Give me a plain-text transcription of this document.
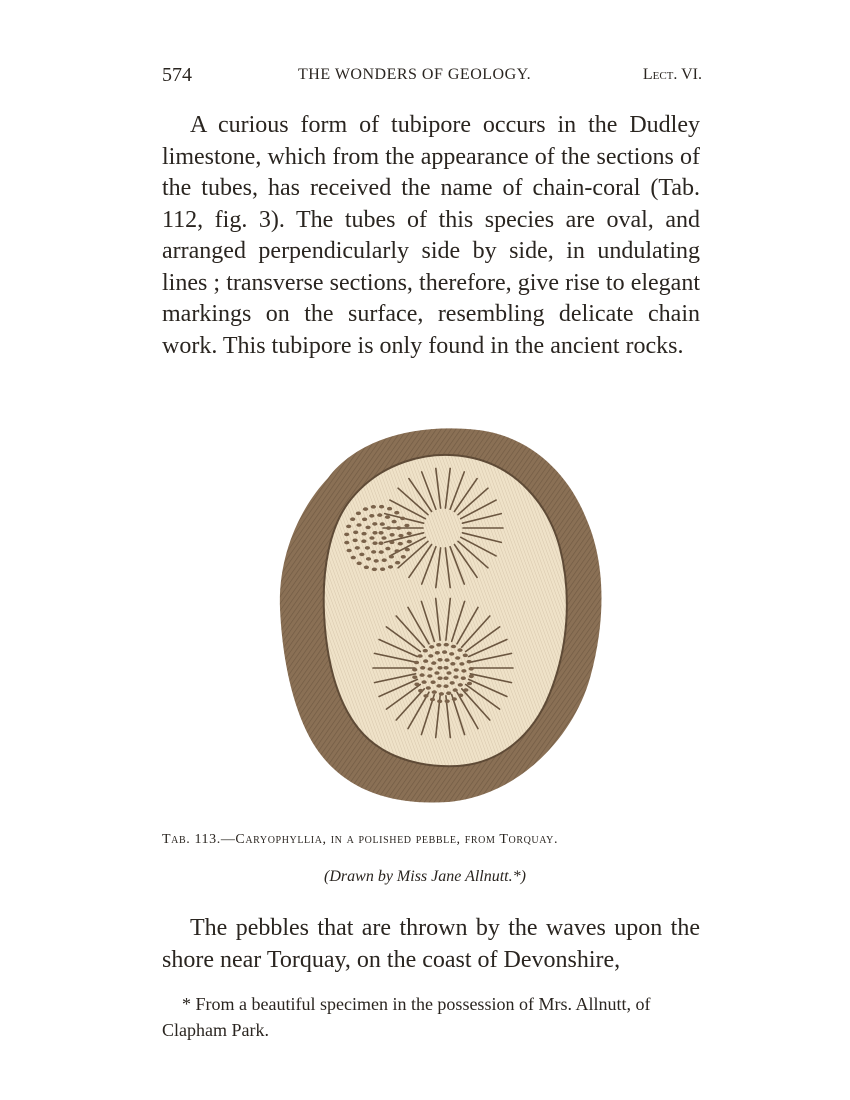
574	THE WONDERS OF GEOLOGY.	Lect. VI.

A curious form of tubipore occurs in the Dudley limestone, which from the appearance of the sections of the tubes, has received the name of chain-coral (Tab. 112, fig. 3). The tubes of this species are oval, and arranged perpendicularly side by side, in undulating lines ; transverse sections, therefore, give rise to elegant markings on the surface, resembling delicate chain work. This tubipore is only found in the ancient rocks.

Tab. 113.—Caryophyllia, in a polished pebble, from Torquay.
(Drawn by Miss Jane Allnutt.*)

The pebbles that are thrown by the waves upon the shore near Torquay, on the coast of Devonshire,

* From a beautiful specimen in the possession of Mrs. Allnutt, of Clapham Park.
